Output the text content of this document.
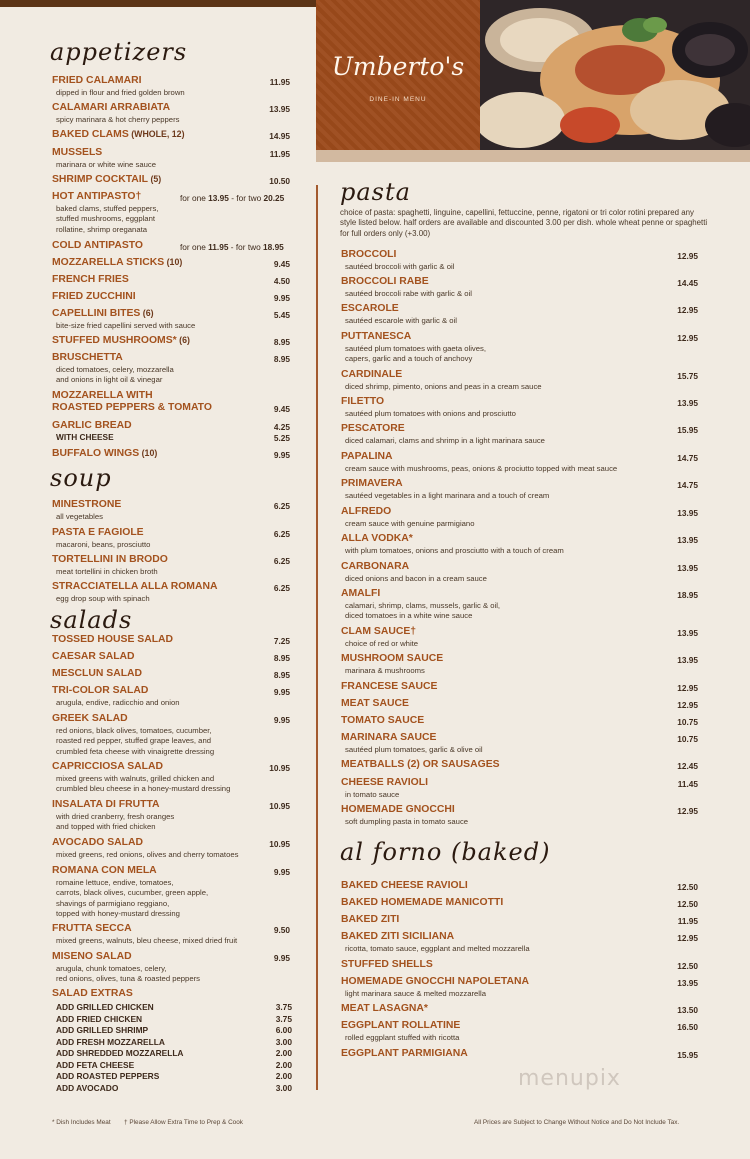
Umberto's
DINE-IN MENU
appetizers
FRIED CALAMARI	11.95
dipped in flour and fried golden brown
CALAMARI ARRABIATA	13.95
spicy marinara & hot cherry peppers
BAKED CLAMS (WHOLE, 12)	14.95
MUSSELS	11.95
marinara or white wine sauce
SHRIMP COCKTAIL (5)	10.50
HOT ANTIPASTO†	for one 13.95 - for two 20.25
baked clams, stuffed peppers,
stuffed mushrooms, eggplant
rollatine, shrimp oreganata
COLD ANTIPASTO	for one 11.95 - for two 18.95
MOZZARELLA STICKS (10)	9.45
FRENCH FRIES	4.50
FRIED ZUCCHINI	9.95
CAPELLINI BITES (6)	5.45
bite-size fried capellini served with sauce
STUFFED MUSHROOMS* (6)	8.95
BRUSCHETTA	8.95
diced tomatoes, celery, mozzarella
and onions in light oil & vinegar
MOZZARELLA WITH
ROASTED PEPPERS & TOMATO	9.45
GARLIC BREAD	4.25
WITH CHEESE	5.25
BUFFALO WINGS (10)	9.95
soup
MINESTRONE	6.25
all vegetables
PASTA E FAGIOLE	6.25
macaroni, beans, prosciutto
TORTELLINI IN BRODO	6.25
meat tortellini in chicken broth
STRACCIATELLA ALLA ROMANA	6.25
egg drop soup with spinach
salads
TOSSED HOUSE SALAD	7.25
CAESAR SALAD	8.95
MESCLUN SALAD	8.95
TRI-COLOR SALAD	9.95
arugula, endive, radicchio and onion
GREEK SALAD	9.95
red onions, black olives, tomatoes, cucumber,
roasted red pepper, stuffed grape leaves, and
crumbled feta cheese with vinaigrette dressing
CAPRICCIOSA SALAD	10.95
mixed greens with walnuts, grilled chicken and
crumbled bleu cheese in a honey-mustard dressing
INSALATA DI FRUTTA	10.95
with dried cranberry, fresh oranges
and topped with fried chicken
AVOCADO SALAD	10.95
mixed greens, red onions, olives and cherry tomatoes
ROMANA CON MELA	9.95
romaine lettuce, endive, tomatoes,
carrots, black olives, cucumber, green apple,
shavings of parmigiano reggiano,
topped with honey-mustard dressing
FRUTTA SECCA	9.50
mixed greens, walnuts, bleu cheese, mixed dried fruit
MISENO SALAD	9.95
arugula, chunk tomatoes, celery,
red onions, olives, tuna & roasted peppers
SALAD EXTRAS
ADD GRILLED CHICKEN	3.75
ADD FRIED CHICKEN	3.75
ADD GRILLED SHRIMP	6.00
ADD FRESH MOZZARELLA	3.00
ADD SHREDDED MOZZARELLA	2.00
ADD FETA CHEESE	2.00
ADD ROASTED PEPPERS	2.00
ADD AVOCADO	3.00
pasta
choice of pasta: spaghetti, linguine, capellini, fettuccine, penne, rigatoni or tri color rotini prepared any style listed below. half orders are available and discounted 3.00 per dish. whole wheat penne or spaghetti for full orders only (+3.00)
BROCCOLI	12.95
sautéed broccoli with garlic & oil
BROCCOLI RABE	14.45
sautéed broccoli rabe with garlic & oil
ESCAROLE	12.95
sautéed escarole with garlic & oil
PUTTANESCA	12.95
sautéed plum tomatoes with gaeta olives,
capers, garlic and a touch of anchovy
CARDINALE	15.75
diced shrimp, pimento, onions and peas in a cream sauce
FILETTO	13.95
sautéed plum tomatoes with onions and prosciutto
PESCATORE	15.95
diced calamari, clams and shrimp in a light marinara sauce
PAPALINA	14.75
cream sauce with mushrooms, peas, onions & prociutto topped with meat sauce
PRIMAVERA	14.75
sautéed vegetables in a light marinara and a touch of cream
ALFREDO	13.95
cream sauce with genuine parmigiano
ALLA VODKA*	13.95
with plum tomatoes, onions and prosciutto with a touch of cream
CARBONARA	13.95
diced onions and bacon in a cream sauce
AMALFI	18.95
calamari, shrimp, clams, mussels, garlic & oil,
diced tomatoes in a white wine sauce
CLAM SAUCE†	13.95
choice of red or white
MUSHROOM SAUCE	13.95
marinara & mushrooms
FRANCESE SAUCE	12.95
MEAT SAUCE	12.95
TOMATO SAUCE	10.75
MARINARA SAUCE	10.75
sautéed plum tomatoes, garlic & olive oil
MEATBALLS (2) OR SAUSAGES	12.45
CHEESE RAVIOLI	11.45
in tomato sauce
HOMEMADE GNOCCHI	12.95
soft dumpling pasta in tomato sauce
al forno (baked)
BAKED CHEESE RAVIOLI	12.50
BAKED HOMEMADE MANICOTTI	12.50
BAKED ZITI	11.95
BAKED ZITI SICILIANA	12.95
ricotta, tomato sauce, eggplant and melted mozzarella
STUFFED SHELLS	12.50
HOMEMADE GNOCCHI NAPOLETANA	13.95
light marinara sauce & melted mozzarella
MEAT LASAGNA*	13.50
EGGPLANT ROLLATINE	16.50
rolled eggplant stuffed with ricotta
EGGPLANT PARMIGIANA	15.95
menupix
* Dish Includes Meat † Please Allow Extra Time to Prep & Cook	All Prices are Subject to Change Without Notice and Do Not Include Tax.
